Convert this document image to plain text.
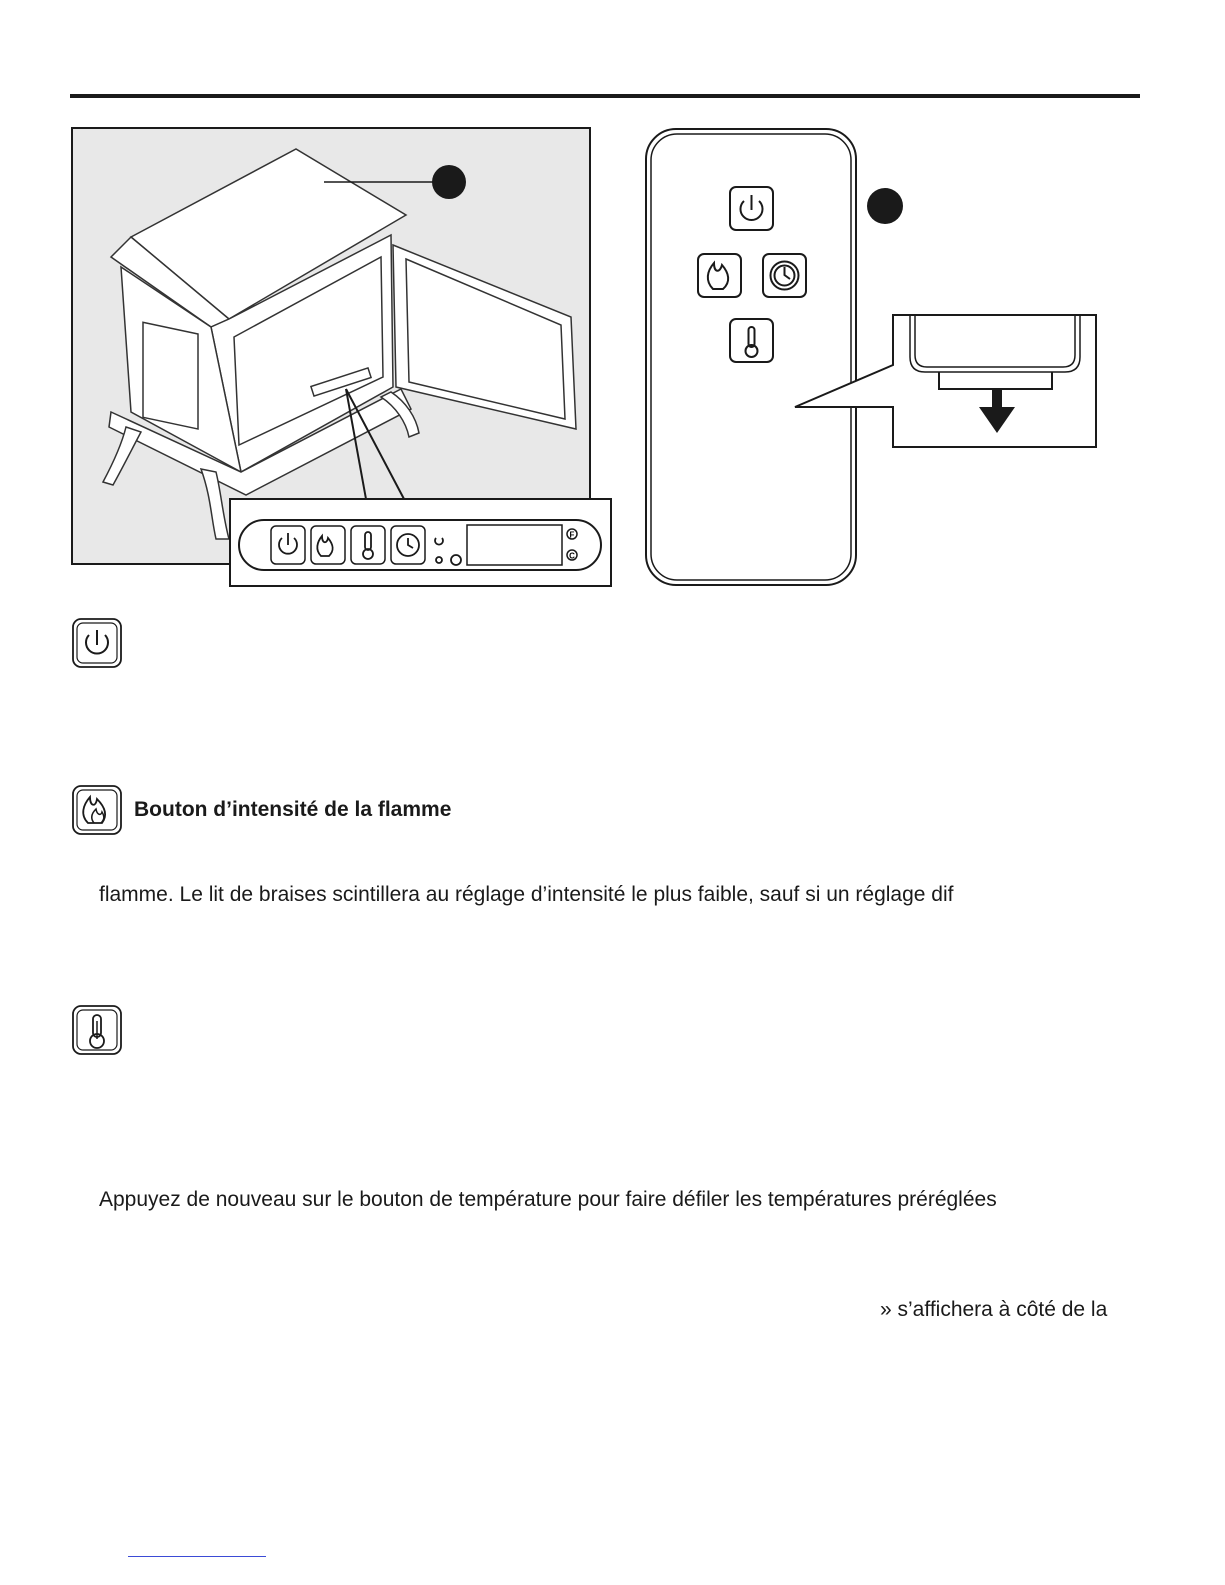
F
C
Bouton d’intensité de la flamme
flamme. Le lit de braises scintillera au réglage d’intensité le plus faible, sauf si un réglage dif
Appuyez de nouveau sur le bouton de température pour faire défiler les températures préréglées
» s’affichera à côté de la
